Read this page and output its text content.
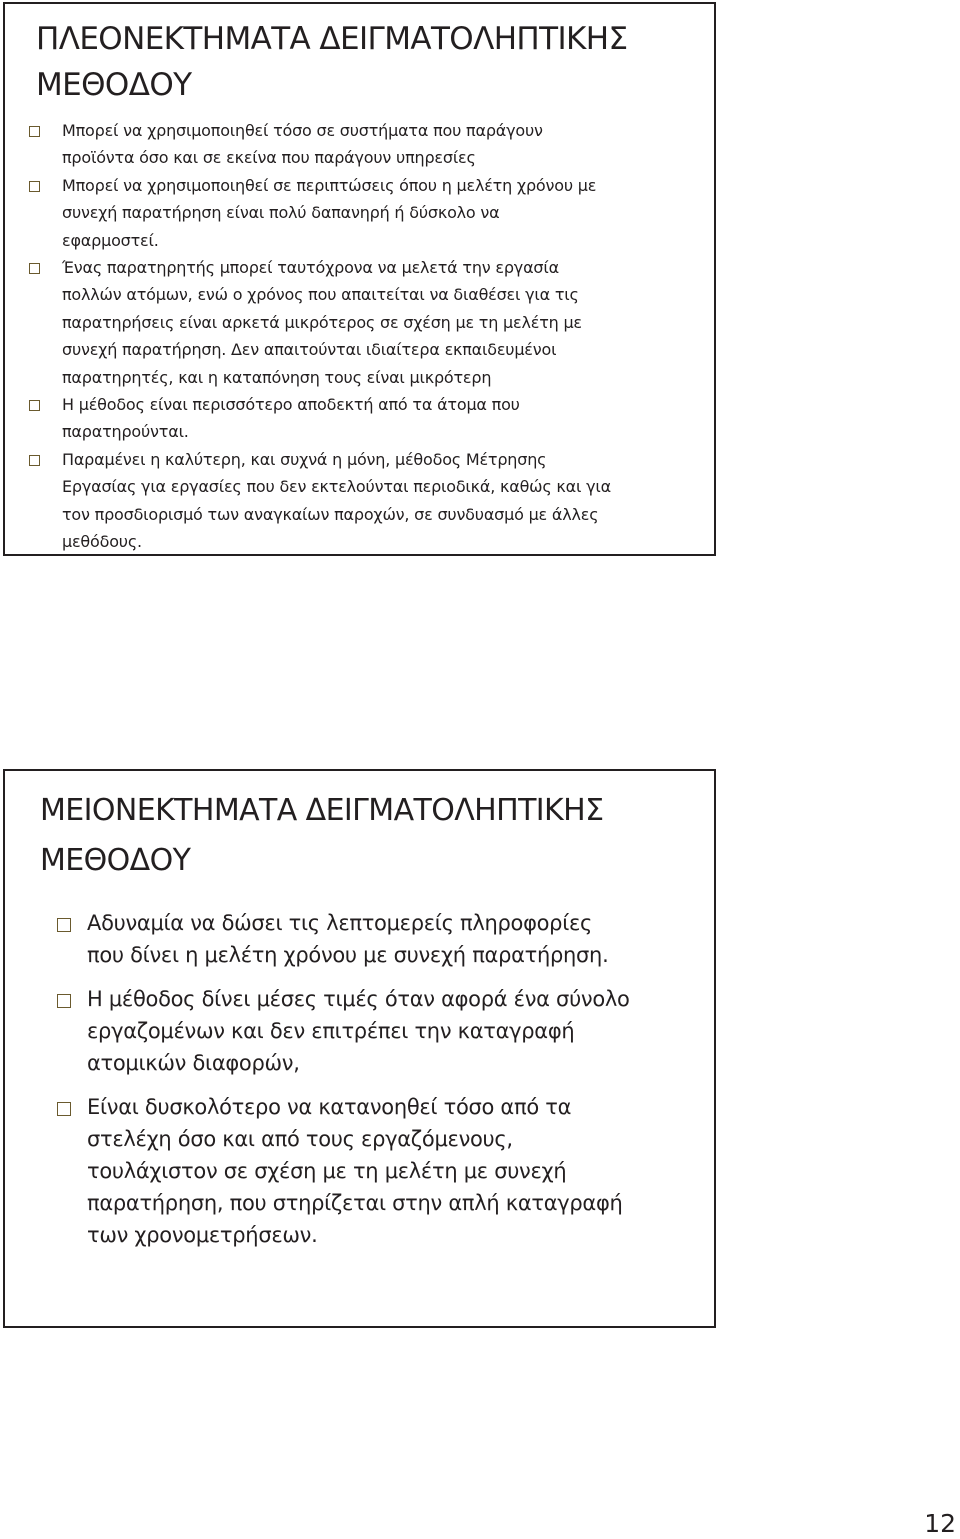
ΠΛΕΟΝΕΚΤΗΜΑΤΑ ΔΕΙΓΜΑΤΟΛΗΠΤΙΚΗΣ
ΜΕΘΟΔΟΥ
Μπορεί να χρησιμοποιηθεί τόσο σε συστήματα που παράγουν
προϊόντα όσο και σε εκείνα που παράγουν υπηρεσίες
Μπορεί να χρησιμοποιηθεί σε περιπτώσεις όπου η μελέτη χρόνου με
συνεχή παρατήρηση είναι πολύ δαπανηρή ή δύσκολο να
εφαρμοστεί.
Ένας παρατηρητής μπορεί ταυτόχρονα να μελετά την εργασία
πολλών ατόμων, ενώ ο χρόνος που απαιτείται να διαθέσει για τις
παρατηρήσεις είναι αρκετά μικρότερος σε σχέση με τη μελέτη με
συνεχή παρατήρηση. Δεν απαιτούνται ιδιαίτερα εκπαιδευμένοι
παρατηρητές, και η καταπόνηση τους είναι μικρότερη
Η μέθοδος είναι περισσότερο αποδεκτή από τα άτομα που
παρατηρούνται.
Παραμένει η καλύτερη, και συχνά η μόνη, μέθοδος Μέτρησης
Εργασίας για εργασίες που δεν εκτελούνται περιοδικά, καθώς και για
τον προσδιορισμό των αναγκαίων παροχών, σε συνδυασμό με άλλες
μεθόδους.
ΜΕΙΟΝΕΚΤΗΜΑΤΑ ΔΕΙΓΜΑΤΟΛΗΠΤΙΚΗΣ
ΜΕΘΟΔΟΥ
Αδυναμία να δώσει τις λεπτομερείς πληροφορίες
που δίνει η μελέτη χρόνου με συνεχή παρατήρηση.
Η μέθοδος δίνει μέσες τιμές όταν αφορά ένα σύνολο
εργαζομένων και δεν επιτρέπει την καταγραφή
ατομικών διαφορών,
Είναι δυσκολότερο να κατανοηθεί τόσο από τα
στελέχη όσο και από τους εργαζόμενους,
τουλάχιστον σε σχέση με τη μελέτη με συνεχή
παρατήρηση, που στηρίζεται στην απλή καταγραφή
των χρονομετρήσεων.
12
